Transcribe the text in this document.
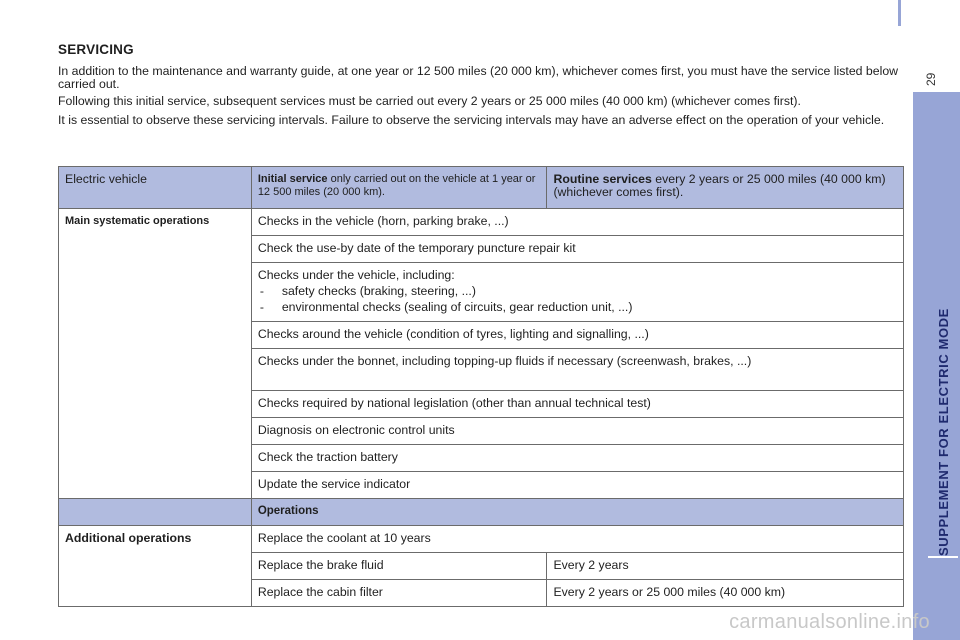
29
SUPPLEMENT FOR ELECTRIC MODE
SERVICING

In addition to the maintenance and warranty guide, at one year or 12 500 miles (20 000 km), whichever comes first, you must have the service listed below carried out.

Following this initial service, subsequent services must be carried out every 2 years or 25 000 miles (40 000 km) (whichever comes first).

It is essential to observe these servicing intervals. Failure to observe the servicing intervals may have an adverse effect on the operation of your vehicle.

Electric vehicle	Initial service only carried out on the vehicle at 1 year or 12 500 miles (20 000 km).	Routine services every 2 years or 25 000 miles (40 000 km) (whichever comes first).
Main systematic operations	Checks in the vehicle (horn, parking brake, ...)	
	Check the use-by date of the temporary puncture repair kit	
	Checks under the vehicle, including:
- safety checks (braking, steering, ...)
- environmental checks (sealing of circuits, gear reduction unit, ...)

	Checks around the vehicle (condition of tyres, lighting and signalling, ...)	
	Checks under the bonnet, including topping-up fluids if necessary (screenwash, brakes, ...)	
	Checks required by national legislation (other than annual technical test)	
	Diagnosis on electronic control units	
	Check the traction battery	
	Update the service indicator	
	Operations	
Additional operations	Replace the coolant at 10 years	
	Replace the brake fluid	Every 2 years
	Replace the cabin filter	Every 2 years or 25 000 miles (40 000 km)
carmanualsonline.info
